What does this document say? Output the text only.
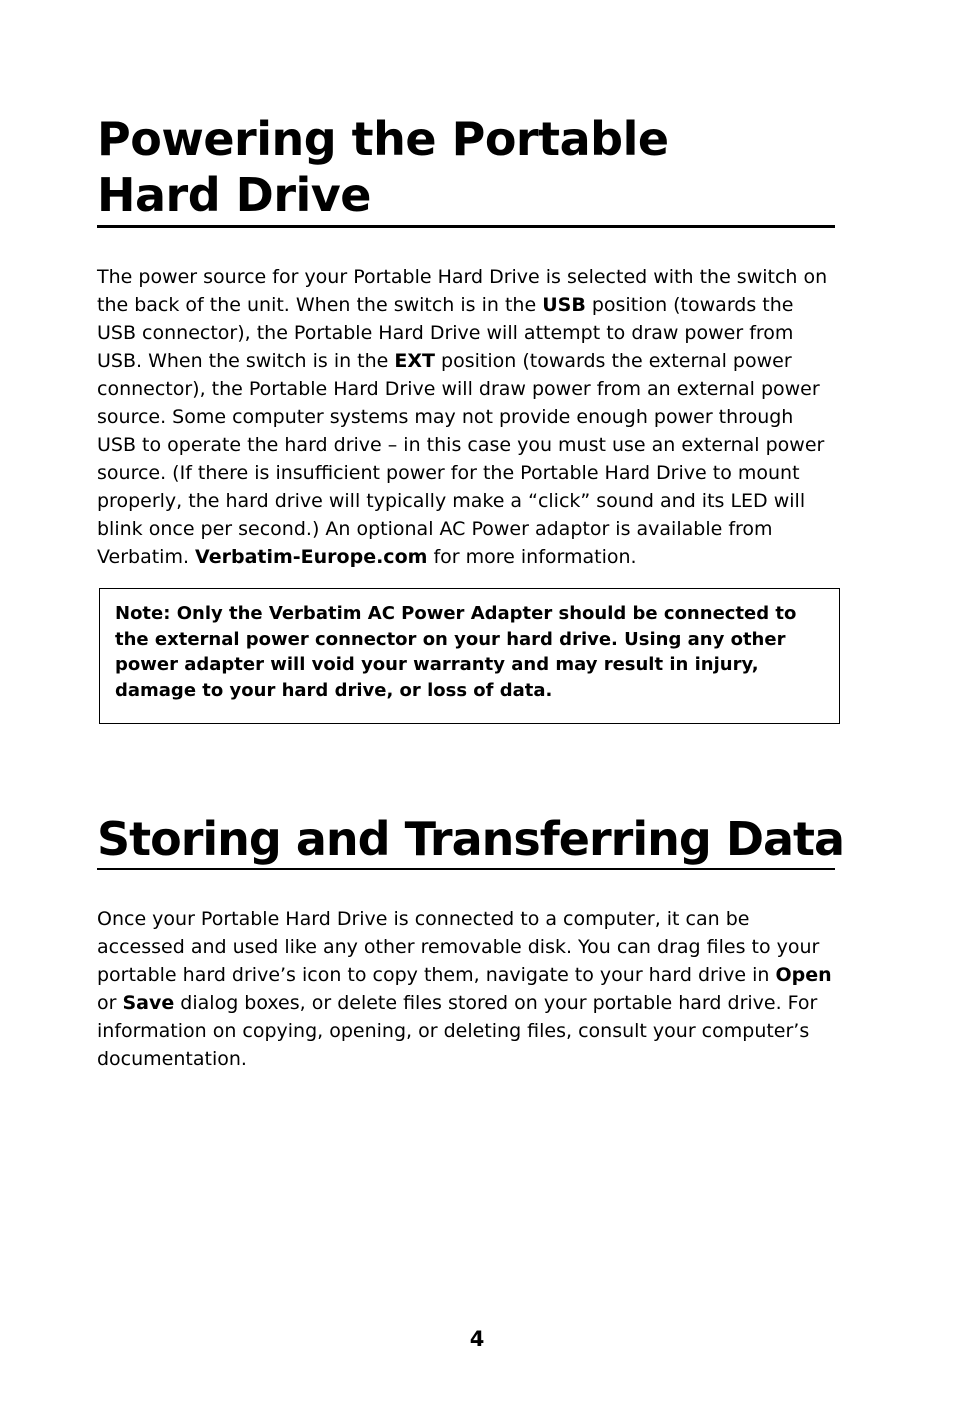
Powering the Portable Hard Drive

The power source for your Portable Hard Drive is selected with the switch on the back of the unit. When the switch is in the USB position (towards the USB connector), the Portable Hard Drive will attempt to draw power from USB. When the switch is in the EXT position (towards the external power connector), the Portable Hard Drive will draw power from an external power source. Some computer systems may not provide enough power through USB to operate the hard drive – in this case you must use an external power source. (If there is insufficient power for the Portable Hard Drive to mount properly, the hard drive will typically make a “click” sound and its LED will blink once per second.) An optional AC Power adaptor is available from Verbatim. Verbatim-Europe.com for more information.

Note: Only the Verbatim AC Power Adapter should be connected to the external power connector on your hard drive. Using any other power adapter will void your warranty and may result in injury, damage to your hard drive, or loss of data.
Storing and Transferring Data

Once your Portable Hard Drive is connected to a computer, it can be accessed and used like any other removable disk. You can drag files to your portable hard drive’s icon to copy them, navigate to your hard drive in Open or Save dialog boxes, or delete files stored on your portable hard drive. For information on copying, opening, or deleting files, consult your computer’s documentation.

4
